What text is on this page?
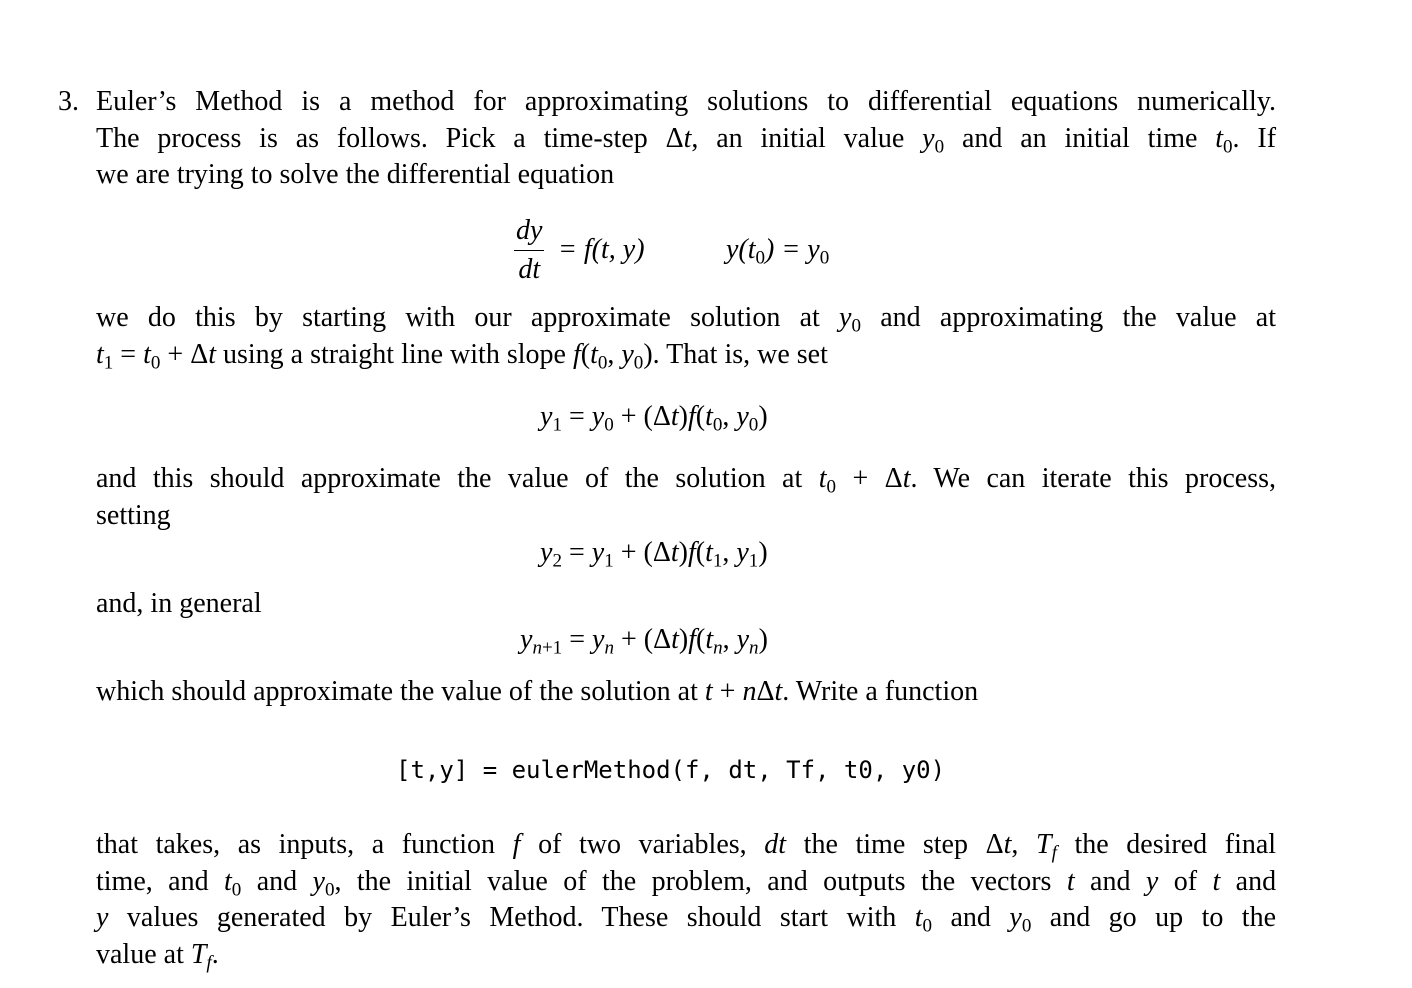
3. Euler’s Method is a method for approximating solutions to differential equations numerically.
The process is as follows. Pick a time-step Δt, an initial value $y_0$ and an initial time $t_0$. If
we are trying to solve the differential equation
$\frac{dy}{dt} = f(t$, y)	$y(t_0) = y_0$
we do this by starting with our approximate solution at $y_0$ and approximating the value at
$t_1 = t_0 + \Delta t$ using a straight line with slope $f(t_0$, $y_0$). That is, we set
$y_1 = y_0 + (\Delta t)f(t_0$, $y_0$)
and this should approximate the value of the solution at $t_0 + \Delta t$. We can iterate this process,
setting
$y_2 = y_1 + (\Delta t)f(t_1$, $y_1$)
and, in general
$y_{n+1} = y_n + (\Delta t)f(t_n$, $y_n$)
which should approximate the value of the solution at t + nΔt. Write a function
[t,y] = eulerMethod(f, dt, Tf, t0, y0)
that takes, as inputs, a function f of two variables, dt the time step Δt, $T_f$ the desired final
time, and $t_0$ and $y_0$, the initial value of the problem, and outputs the vectors t and y of t and
y values generated by Euler’s Method. These should start with $t_0$ and $y_0$ and go up to the
value at $T_f$.
